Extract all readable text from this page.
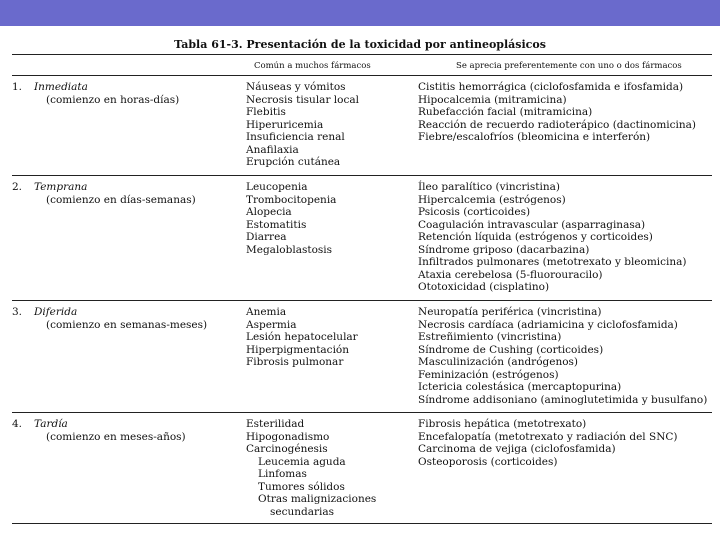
Tabla 61-3. Presentación de la toxicidad por antineoplásicos
Común a muchos fármacos	Se aprecia preferentemente con uno o dos fármacos
1. Inmediata
(comienzo en horas-días)
Náuseas y vómitos
Necrosis tisular local
Flebitis
Hiperuricemia
Insuficiencia renal
Anafilaxia
Erupción cutánea
Cistitis hemorrágica (ciclofosfamida e ifosfamida)
Hipocalcemia (mitramicina)
Rubefacción facial (mitramicina)
Reacción de recuerdo radioterápico (dactinomicina)
Fiebre/escalofríos (bleomicina e interferón)
2. Temprana
(comienzo en días-semanas)
Leucopenia
Trombocitopenia
Alopecia
Estomatitis
Diarrea
Megaloblastosis
Íleo paralítico (vincristina)
Hipercalcemia (estrógenos)
Psicosis (corticoides)
Coagulación intravascular (asparraginasa)
Retención líquida (estrógenos y corticoides)
Síndrome griposo (dacarbazina)
Infiltrados pulmonares (metotrexato y bleomicina)
Ataxia cerebelosa (5-fluorouracilo)
Ototoxicidad (cisplatino)
3. Diferida
(comienzo en semanas-meses)
Anemia
Aspermia
Lesión hepatocelular
Hiperpigmentación
Fibrosis pulmonar
Neuropatía periférica (vincristina)
Necrosis cardíaca (adriamicina y ciclofosfamida)
Estreñimiento (vincristina)
Síndrome de Cushing (corticoides)
Masculinización (andrógenos)
Feminización (estrógenos)
Ictericia colestásica (mercaptopurina)
Síndrome addisoniano (aminoglutetimida y busulfano)
4. Tardía
(comienzo en meses-años)
Esterilidad
Hipogonadismo
Carcinogénesis
Leucemia aguda
Linfomas
Tumores sólidos
Otras malignizaciones
secundarias
Fibrosis hepática (metotrexato)
Encefalopatía (metotrexato y radiación del SNC)
Carcinoma de vejiga (ciclofosfamida)
Osteoporosis (corticoides)
